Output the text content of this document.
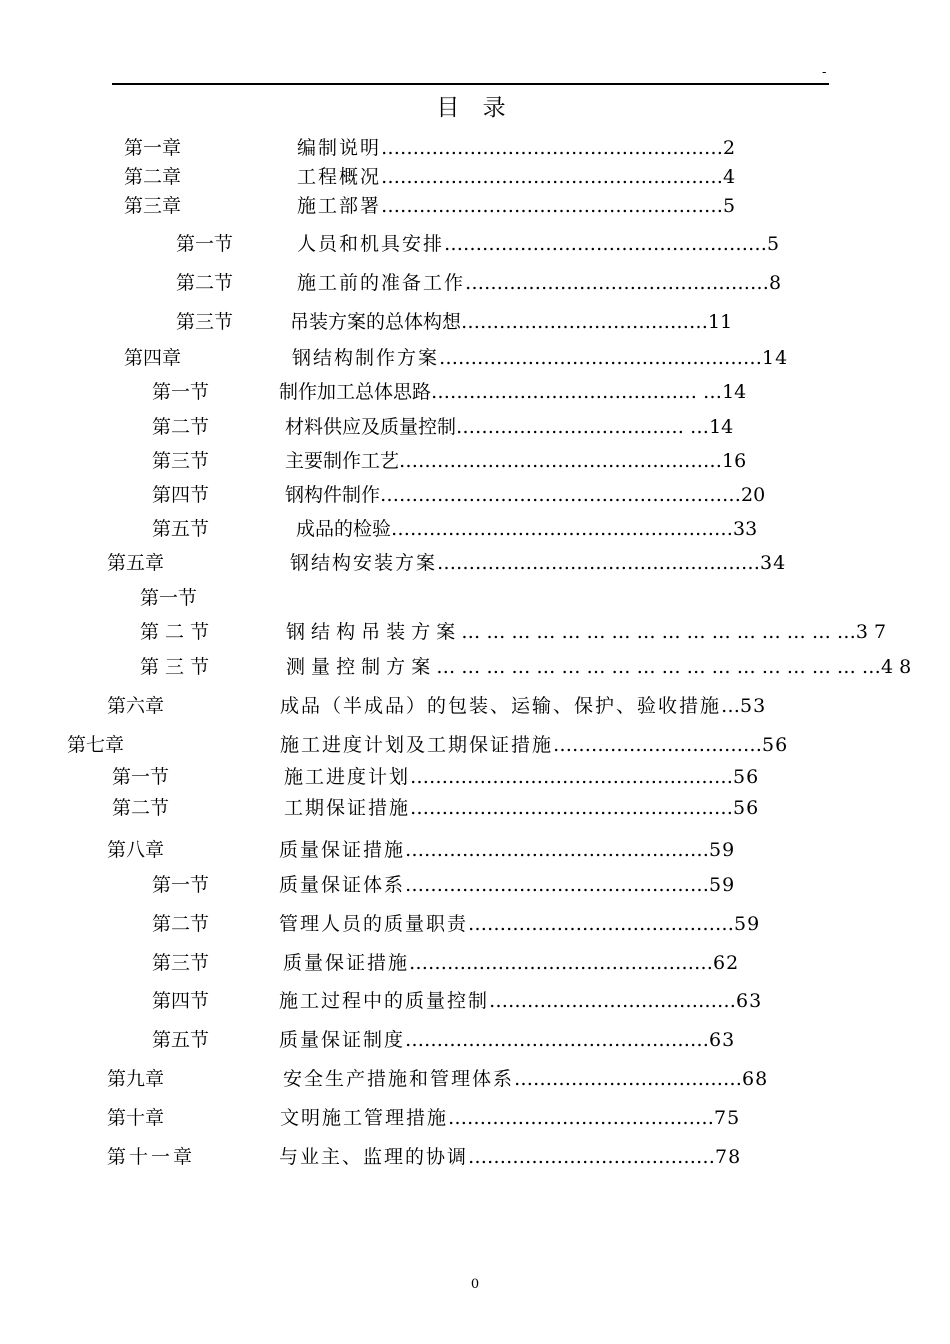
-
目 录
第一章	编制说明………………………………………………2
第二章	工程概况………………………………………………4
第三章	施工部署………………………………………………5
第一节	人员和机具安排……………………………………………5
第二节	施工前的准备工作…………………………………………8
第三节	吊装方案的总体构想…………………………………11
第四章	钢结构制作方案……………………………………………14
第一节	制作加工总体思路…………………………………… …14
第二节	材料供应及质量控制……………………………… …14
第三节	主要制作工艺……………………………………………16
第四节	钢构件制作…………………………………………………20
第五节	成品的检验………………………………………………33
第五章	钢结构安装方案……………………………………………34
第一节
第 二 节	钢 结 构 吊 装 方 案 … … … … … … … … … … … … … … … …3 7
第 三 节	测 量 控 制 方 案 … … … … … … … … … … … … … … … … … …4 8
第六章	成品（半成品）的包装、运输、保护、验收措施…53
第七章	施工进度计划及工期保证措施……………………………56
第一节	施工进度计划……………………………………………56
第二节	工期保证措施……………………………………………56
第八章	质量保证措施…………………………………………59
第一节	质量保证体系…………………………………………59
第二节	管理人员的质量职责……………………………………59
第三节	质量保证措施…………………………………………62
第四节	施工过程中的质量控制…………………………………63
第五节	质量保证制度…………………………………………63
第九章	安全生产措施和管理体系………………………………68
第十章	文明施工管理措施……………………………………75
第十一章	与业主、监理的协调…………………………………78
0
